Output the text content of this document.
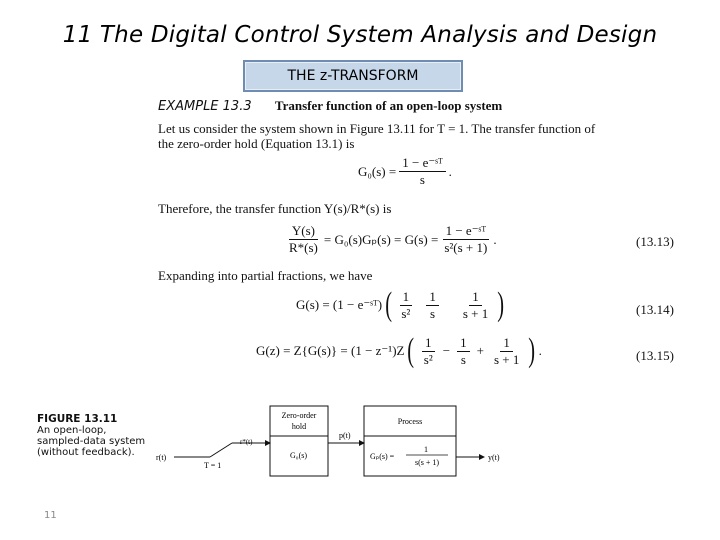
11 The Digital Control System Analysis and Design
THE z-TRANSFORM
EXAMPLE 13.3 Transfer function of an open-loop system
Let us consider the system shown in Figure 13.11 for T = 1. The transfer function of
the zero-order hold (Equation 13.1) is
$G_0(s) = \frac{\text{1 − e⁻ˢᵀ}}{s}$ .
Therefore, the transfer function Y(s)/R*(s) is
$\frac{Y(s)}{R*(s)} = G_0(s)G_p(s) = G(s) = \frac{\text{1 − e⁻ˢᵀ}}{\text{s²(s + 1)}}$ .	(13.13)
Expanding into partial fractions, we have
G(s) = (1 − e⁻ˢᵀ) ( $\frac{1}{\text{s²}} \frac{1}{s} \frac{1}{s + 1}$ )	(13.14)
G(z) = Z{G(s)} = (1 − z⁻¹)Z ( $\frac{1}{\text{s²}} - \frac{1}{s} + \frac{1}{s + 1}$ ) .	(13.15)
FIGURE 13.11
An open-loop, sampled-data system (without feedback).	r(t)
r*(t)
T = 1
Zero-order
hold
G₀(s)
p(t)
Process
Gₚ(s) =
1
s(s + 1)
y(t)
11
